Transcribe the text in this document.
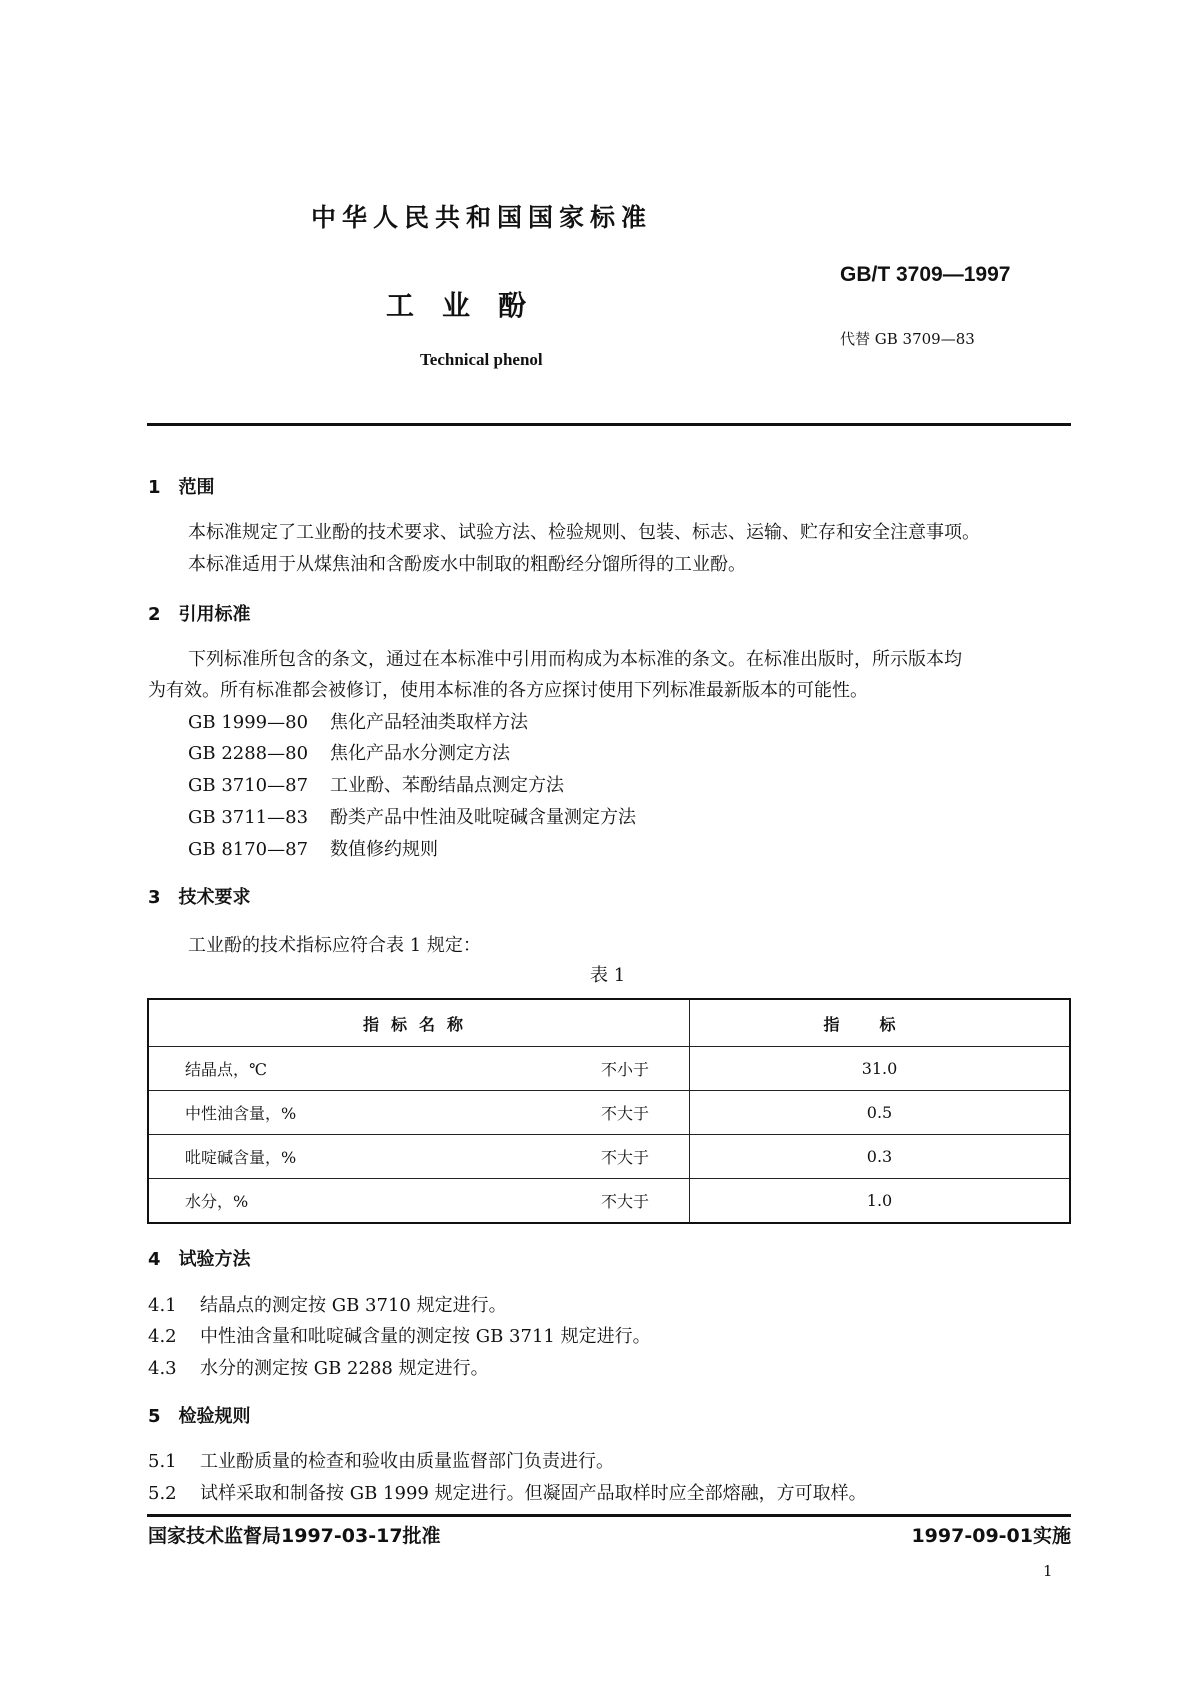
中华人民共和国国家标准
GB/T 3709—1997
工　业　酚
代替 GB 3709—83
Technical phenol
1　范围
本标准规定了工业酚的技术要求、试验方法、检验规则、包装、标志、运输、贮存和安全注意事项。
本标准适用于从煤焦油和含酚废水中制取的粗酚经分馏所得的工业酚。
2　引用标准
下列标准所包含的条文，通过在本标准中引用而构成为本标准的条文。在标准出版时，所示版本均
为有效。所有标准都会被修订，使用本标准的各方应探讨使用下列标准最新版本的可能性。
GB 1999—80 焦化产品轻油类取样方法
GB 2288—80 焦化产品水分测定方法
GB 3710—87 工业酚、苯酚结晶点测定方法
GB 3711—83 酚类产品中性油及吡啶碱含量测定方法
GB 8170—87 数值修约规则
3　技术要求
工业酚的技术指标应符合表 1 规定：
表 1
指标名称		指标
结晶点，℃	不小于	31.0
中性油含量，%	不大于	0.5
吡啶碱含量，%	不大于	0.3
水分，%	不大于	1.0
4　试验方法
4.1 结晶点的测定按 GB 3710 规定进行。
4.2 中性油含量和吡啶碱含量的测定按 GB 3711 规定进行。
4.3 水分的测定按 GB 2288 规定进行。
5　检验规则
5.1 工业酚质量的检查和验收由质量监督部门负责进行。
5.2 试样采取和制备按 GB 1999 规定进行。但凝固产品取样时应全部熔融，方可取样。
国家技术监督局1997-03-17批准	1997-09-01实施
1
